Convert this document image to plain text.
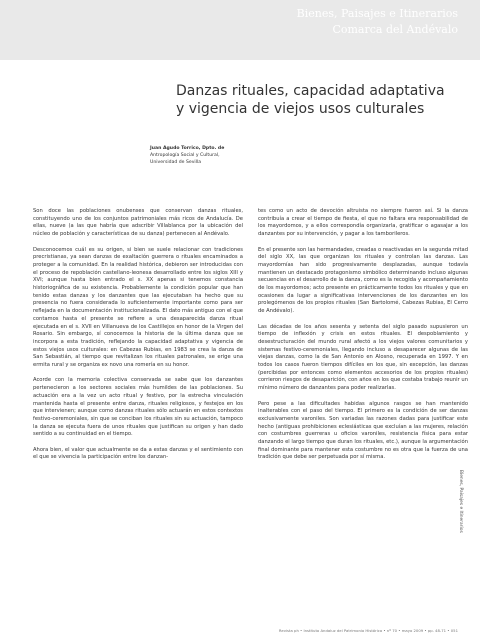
Bienes, Paisajes e Itinerarios
Comarca del Andévalo
Danzas rituales, capacidad adaptativa
y vigencia de viejos usos culturales
Juan Agudo Torrico, Dpto. de
Antropología Social y Cultural,
Universidad de Sevilla

Son doce las poblaciones onubenses que conservan danzas rituales, constituyendo uno de los conjuntos patrimoniales más ricos de Andalucía. De ellas, nueve (a las que habría que adscribir Villablanca por la ubicación del núcleo de población y características de su danza) pertenecen al Andévalo.

Desconocemos cuál es su origen, si bien se suele relacionar con tradiciones precristianas, ya sean danzas de exaltación guerrera o rituales encaminados a proteger a la comunidad. En la realidad histórica, debieron ser introducidas con el proceso de repoblación castellano-leonesa desarrollado entre los siglos XIII y XVI; aunque hasta bien entrado el s. XX apenas si tenemos constancia historiográfica de su existencia. Probablemente la condición popular que han tenido estas danzas y los danzantes que las ejecutaban ha hecho que su presencia no fuera considerada lo suficientemente importante como para ser reflejada en la documentación institucionalizada. El dato más antiguo con el que contamos hasta el presente se refiere a una desaparecida danza ritual ejecutada en el s. XVII en Villanueva de los Castillejos en honor de la Virgen del Rosario. Sin embargo, sí conocemos la historia de la última danza que se incorpora a esta tradición, reflejando la capacidad adaptativa y vigencia de estos viejos usos culturales: en Cabezas Rubias, en 1983 se crea la danza de San Sebastián, al tiempo que revitalizan los rituales patronales, se erige una ermita rural y se organiza ex novo una romería en su honor.

Acorde con la memoria colectiva conservada se sabe que los danzantes pertenecieron a los sectores sociales más humildes de las poblaciones. Su actuación era a la vez un acto ritual y festivo, por la estrecha vinculación mantenida hasta el presente entre danza, rituales religiosos, y festejos en los que intervienen; aunque como danzas rituales sólo actuarán en estos contextos festivo-ceremoniales, sin que se conciban los rituales sin su actuación, tampoco la danza se ejecuta fuera de unos rituales que justifican su origen y han dado sentido a su continuidad en el tiempo.

Ahora bien, el valor que actualmente se da a estas danzas y el sentimiento con el que se vivencia la participación entre los danzan-

tes como un acto de devoción altruista no siempre fueron así. Si la danza contribuía a crear el tiempo de fiesta, el que no faltara era responsabilidad de los mayordomos, y a ellos correspondía organizarla, gratificar o agasajar a los danzantes por su intervención, y pagar a los tamborileros.

En el presente son las hermandades, creadas o reactivadas en la segunda mitad del siglo XX, las que organizan los rituales y controlan las danzas. Las mayordomías han sido progresivamente desplazadas, aunque todavía mantienen un destacado protagonismo simbólico determinando incluso algunas secuencias en el desarrollo de la danza, como es la recogida y acompañamiento de los mayordomos; acto presente en prácticamente todos los rituales y que en ocasiones da lugar a significativas intervenciones de los danzantes en los prolegómenos de los propios rituales (San Bartolomé, Cabezas Rubias, El Cerro de Andévalo).

Las décadas de los años sesenta y setenta del siglo pasado supusieron un tiempo de inflexión y crisis en estos rituales. El despoblamiento y desestructuración del mundo rural afectó a los viejos valores comunitarios y sistemas festivo-ceremoniales, llegando incluso a desaparecer algunas de las viejas danzas, como la de San Antonio en Alosno, recuperada en 1997. Y en todos los casos fueron tiempos difíciles en los que, sin excepción, las danzas (percibidas por entonces como elementos accesorios de los propios rituales) corrieron riesgos de desaparición, con años en los que costaba trabajo reunir un mínimo número de danzantes para poder realizarlas.

Pero pese a las dificultades habidas algunos rasgos se han mantenido inalterables con el paso del tiempo. El primero es la condición de ser danzas exclusivamente varoniles. Son variadas las razones dadas para justificar este hecho (antiguas prohibiciones eclesiásticas que excluían a las mujeres, relación con costumbres guerreras u oficios varoniles, resistencia física para estar danzando el largo tiempo que duran los rituales, etc.), aunque la argumentación final dominante para mantener esta costumbre no es otra que la fuerza de una tradición que debe ser perpetuada por sí misma.

Bienes, Paisajes e Itinerarios
Revista ph • Instituto Andaluz del Patrimonio Histórico • nº 70 • mayo 2009 • pp. 48-71 • 051
